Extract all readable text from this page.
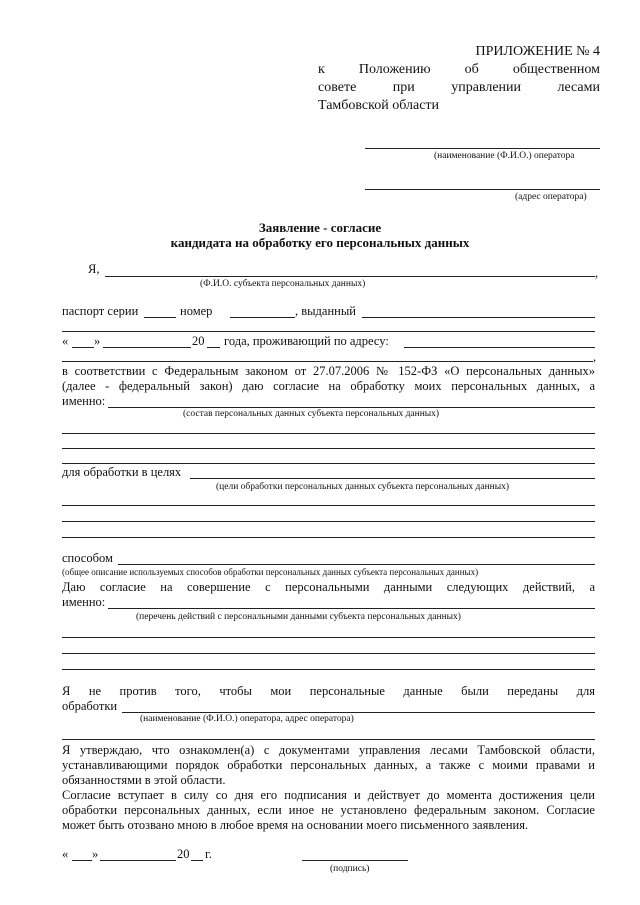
ПРИЛОЖЕНИЕ № 4
к Положению об общественном
совете	при	управлении	лесами
Тамбовской области
(наименование (Ф.И.О.) оператора
(адрес оператора)
Заявление - согласие
кандидата на обработку его персональных данных
Я,	,
(Ф.И.О. субъекта персональных данных)
паспорт серии	номер	, выданный
« »	20 года, проживающий по адресу:
,
в соответствии с Федеральным законом от 27.07.2006 № 152-ФЗ «О персональных данных»
(далее - федеральный закон) даю согласие на обработку моих персональных данных, а
именно:
(состав персональных данных субъекта персональных данных)
для обработки в целях
(цели обработки персональных данных субъекта персональных данных)
способом
(общее описание используемых способов обработки персональных данных субъекта персональных данных)
Даю согласие на совершение с персональными данными следующих действий, а
именно:
(перечень действий с персональными данными субъекта персональных данных)
Я не против того, чтобы мои персональные данные были переданы для
обработки
(наименование (Ф.И.О.) оператора, адрес оператора)
Я утверждаю, что ознакомлен(а) с документами управления лесами Тамбовской области,
устанавливающими порядок обработки персональных данных, а также с моими правами и
обязанностями в этой области.
Согласие вступает в силу со дня его подписания и действует до момента достижения цели
обработки персональных данных, если иное не установлено федеральным законом. Согласие
может быть отозвано мною в любое время на основании моего письменного заявления.
« »	20 г.
(подпись)
